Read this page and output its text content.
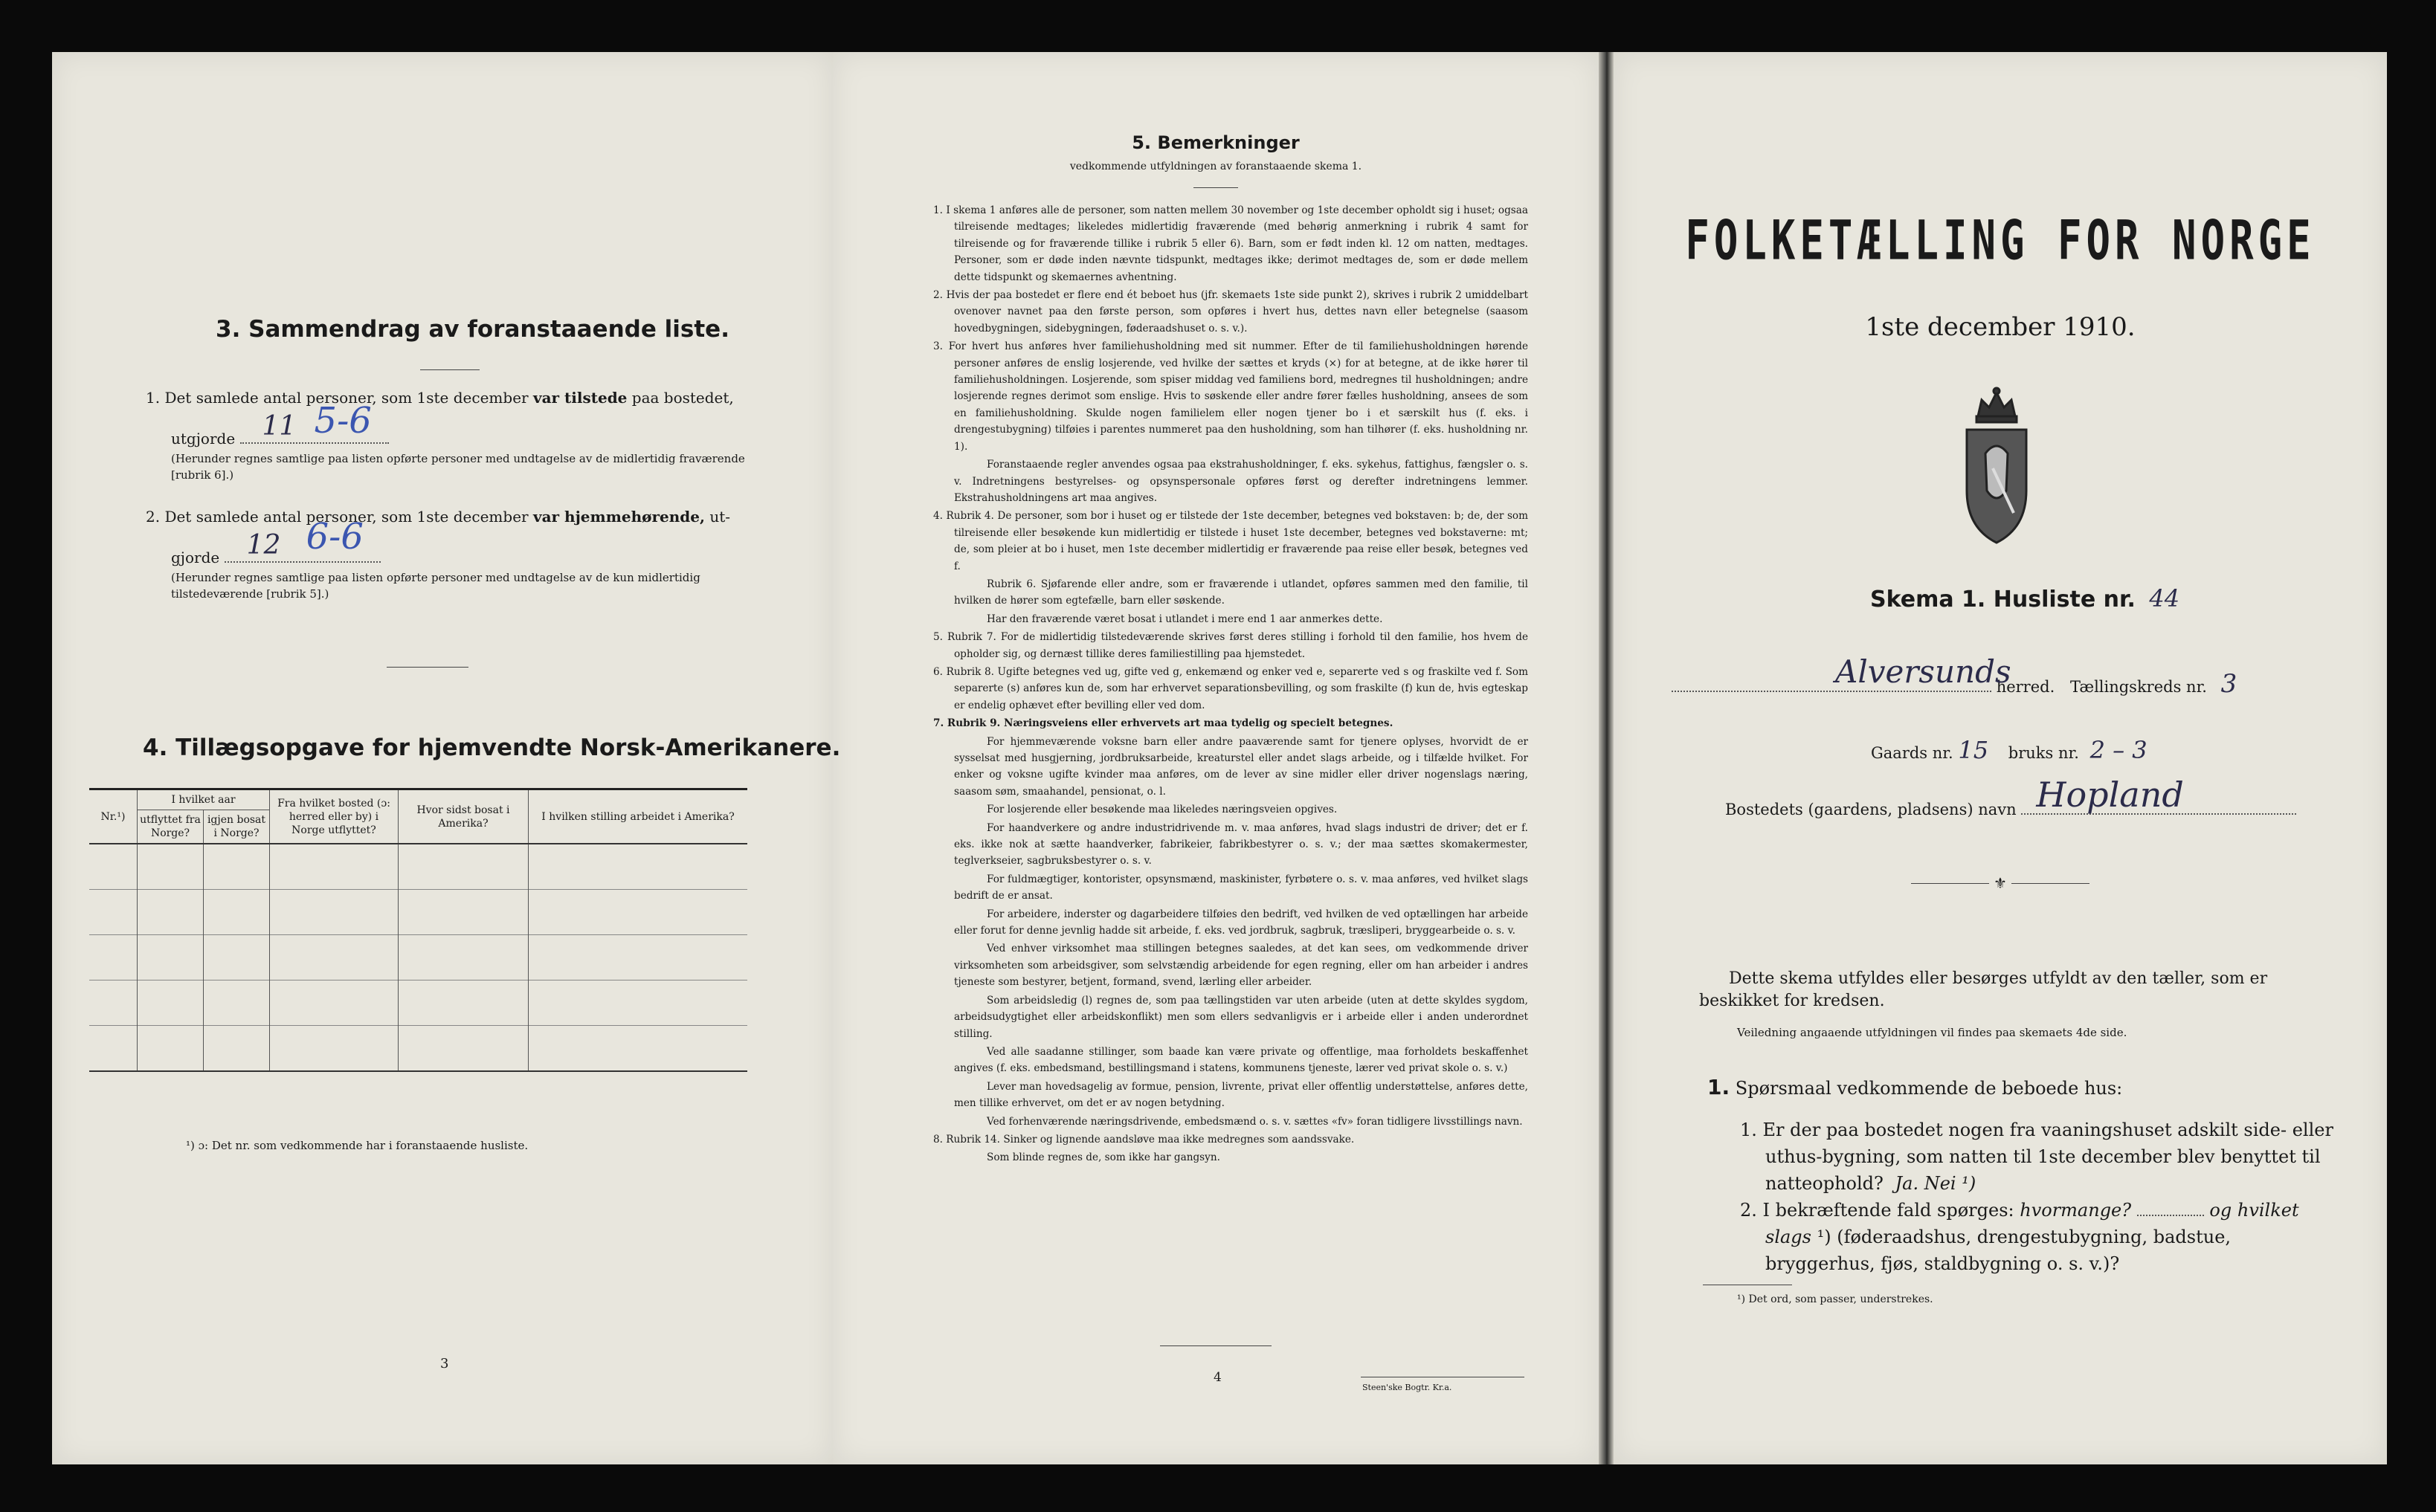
3. Sammendrag av foranstaaende liste.
1. Det samlede antal personer, som 1ste december var tilstede paa bostedet,
utgjorde 11 5-6
(Herunder regnes samtlige paa listen opførte personer med undtagelse av de midlertidig fraværende [rubrik 6].)
2. Det samlede antal personer, som 1ste december var hjemmehørende, ut-
gjorde 12 6-6
(Herunder regnes samtlige paa listen opførte personer med undtagelse av de kun midlertidig tilstedeværende [rubrik 5].)
4. Tillægsopgave for hjemvendte Norsk-Amerikanere.
Nr.¹)	I hvilket aar		Fra hvilket bosted (ɔ: herred eller by) i Norge utflyttet?	Hvor sidst bosat i Amerika?	I hvilken stilling arbeidet i Amerika?
	utflyttet fra Norge?	igjen bosat i Norge?			

¹) ɔ: Det nr. som vedkommende har i foranstaaende husliste.
3
5. Bemerkninger
vedkommende utfyldningen av foranstaaende skema 1.

1. I skema 1 anføres alle de personer, som natten mellem 30 november og 1ste december opholdt sig i huset; ogsaa tilreisende medtages; likeledes midlertidig fraværende (med behørig anmerkning i rubrik 4 samt for tilreisende og for fraværende tillike i rubrik 5 eller 6). Barn, som er født inden kl. 12 om natten, medtages. Personer, som er døde inden nævnte tidspunkt, medtages ikke; derimot medtages de, som er døde mellem dette tidspunkt og skemaernes avhentning.

2. Hvis der paa bostedet er flere end ét beboet hus (jfr. skemaets 1ste side punkt 2), skrives i rubrik 2 umiddelbart ovenover navnet paa den første person, som opføres i hvert hus, dettes navn eller betegnelse (saasom hovedbygningen, sidebygningen, føderaadshuset o. s. v.).

3. For hvert hus anføres hver familiehusholdning med sit nummer. Efter de til familiehusholdningen hørende personer anføres de enslig losjerende, ved hvilke der sættes et kryds (×) for at betegne, at de ikke hører til familiehusholdningen. Losjerende, som spiser middag ved familiens bord, medregnes til husholdningen; andre losjerende regnes derimot som enslige. Hvis to søskende eller andre fører fælles husholdning, ansees de som en familiehusholdning. Skulde nogen familielem eller nogen tjener bo i et særskilt hus (f. eks. i drengestubygning) tilføies i parentes nummeret paa den husholdning, som han tilhører (f. eks. husholdning nr. 1).

Foranstaaende regler anvendes ogsaa paa ekstrahusholdninger, f. eks. sykehus, fattighus, fængsler o. s. v. Indretningens bestyrelses- og opsynspersonale opføres først og derefter indretningens lemmer. Ekstrahusholdningens art maa angives.

4. Rubrik 4. De personer, som bor i huset og er tilstede der 1ste december, betegnes ved bokstaven: b; de, der som tilreisende eller besøkende kun midlertidig er tilstede i huset 1ste december, betegnes ved bokstaverne: mt; de, som pleier at bo i huset, men 1ste december midlertidig er fraværende paa reise eller besøk, betegnes ved f.

Rubrik 6. Sjøfarende eller andre, som er fraværende i utlandet, opføres sammen med den familie, til hvilken de hører som egtefælle, barn eller søskende.

Har den fraværende været bosat i utlandet i mere end 1 aar anmerkes dette.

5. Rubrik 7. For de midlertidig tilstedeværende skrives først deres stilling i forhold til den familie, hos hvem de opholder sig, og dernæst tillike deres familiestilling paa hjemstedet.

6. Rubrik 8. Ugifte betegnes ved ug, gifte ved g, enkemænd og enker ved e, separerte ved s og fraskilte ved f. Som separerte (s) anføres kun de, som har erhvervet separationsbevilling, og som fraskilte (f) kun de, hvis egteskap er endelig ophævet efter bevilling eller ved dom.

7. Rubrik 9. Næringsveiens eller erhvervets art maa tydelig og specielt betegnes.

For hjemmeværende voksne barn eller andre paaværende samt for tjenere oplyses, hvorvidt de er sysselsat med husgjerning, jordbruksarbeide, kreaturstel eller andet slags arbeide, og i tilfælde hvilket. For enker og voksne ugifte kvinder maa anføres, om de lever av sine midler eller driver nogenslags næring, saasom søm, smaahandel, pensionat, o. l.

For losjerende eller besøkende maa likeledes næringsveien opgives.

For haandverkere og andre industridrivende m. v. maa anføres, hvad slags industri de driver; det er f. eks. ikke nok at sætte haandverker, fabrikeier, fabrikbestyrer o. s. v.; der maa sættes skomakermester, teglverkseier, sagbruksbestyrer o. s. v.

For fuldmægtiger, kontorister, opsynsmænd, maskinister, fyrbøtere o. s. v. maa anføres, ved hvilket slags bedrift de er ansat.

For arbeidere, inderster og dagarbeidere tilføies den bedrift, ved hvilken de ved optællingen har arbeide eller forut for denne jevnlig hadde sit arbeide, f. eks. ved jordbruk, sagbruk, træsliperi, bryggearbeide o. s. v.

Ved enhver virksomhet maa stillingen betegnes saaledes, at det kan sees, om vedkommende driver virksomheten som arbeidsgiver, som selvstændig arbeidende for egen regning, eller om han arbeider i andres tjeneste som bestyrer, betjent, formand, svend, lærling eller arbeider.

Som arbeidsledig (l) regnes de, som paa tællingstiden var uten arbeide (uten at dette skyldes sygdom, arbeidsudygtighet eller arbeidskonflikt) men som ellers sedvanligvis er i arbeide eller i anden underordnet stilling.

Ved alle saadanne stillinger, som baade kan være private og offentlige, maa forholdets beskaffenhet angives (f. eks. embedsmand, bestillingsmand i statens, kommunens tjeneste, lærer ved privat skole o. s. v.)

Lever man hovedsagelig av formue, pension, livrente, privat eller offentlig understøttelse, anføres dette, men tillike erhvervet, om det er av nogen betydning.

Ved forhenværende næringsdrivende, embedsmænd o. s. v. sættes «fv» foran tidligere livsstillings navn.

8. Rubrik 14. Sinker og lignende aandsløve maa ikke medregnes som aandssvake.

Som blinde regnes de, som ikke har gangsyn.

4
Steen'ske Bogtr. Kr.a.
FOLKETÆLLING FOR NORGE
1ste december 1910.
Skema 1. Husliste nr. 44
Alversunds
herred. Tællingskreds nr. 3
Gaards nr. 15 bruks nr. 2 – 3
Bostedets (gaardens, pladsens) navn Hopland
⚜
Dette skema utfyldes eller besørges utfyldt av den tæller, som er beskikket for kredsen.
Veiledning angaaende utfyldningen vil findes paa skemaets 4de side.
1. Spørsmaal vedkommende de beboede hus:
1. Er der paa bostedet nogen fra vaaningshuset adskilt side- eller uthus-bygning, som natten til 1ste december blev benyttet til natteophold? Ja. Nei ¹)
2. I bekræftende fald spørges: hvormange?	og hvilket slags ¹) (føderaadshus, drengestubygning, badstue, bryggerhus, fjøs, staldbygning o. s. v.)?
¹) Det ord, som passer, understrekes.
